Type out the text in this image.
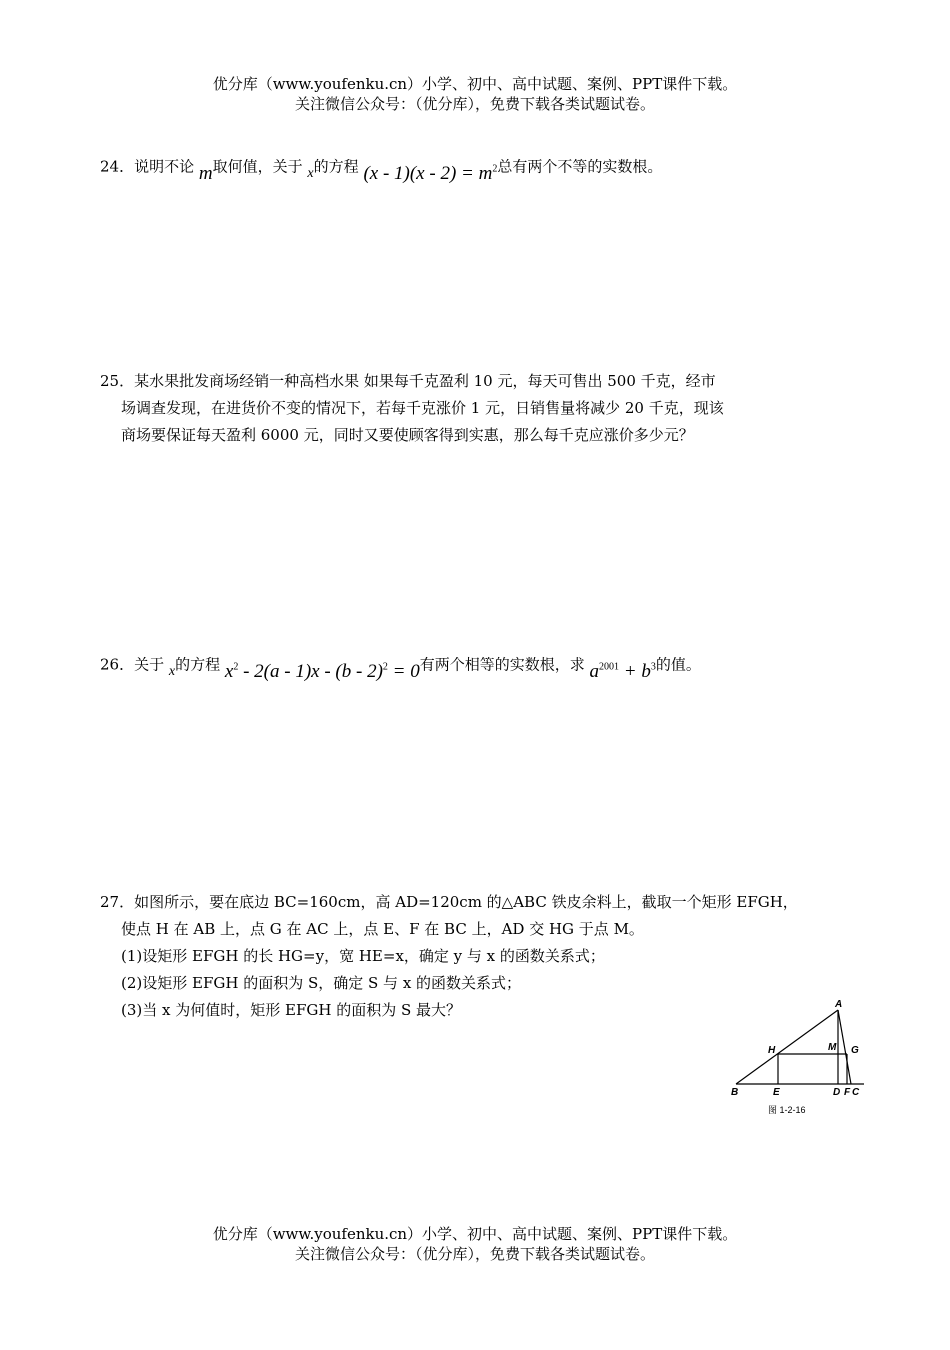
优分库（www.youfenku.cn）小学、初中、高中试题、案例、PPT课件下载。
关注微信公众号：（优分库），免费下载各类试题试卷。
24．说明不论 m取何值，关于 x的方程 $(x - 1)(x - 2) = m^2$总有两个不等的实数根。
25．某水果批发商场经销一种高档水果 如果每千克盈利 10 元，每天可售出 500 千克，经市
场调查发现，在进货价不变的情况下，若每千克涨价 1 元，日销售量将减少 20 千克，现该
商场要保证每天盈利 6000 元，同时又要使顾客得到实惠，那么每千克应涨价多少元？
26．关于 x的方程 $x^2 - 2(a - 1)x - (b - 2)^2 = 0$有两个相等的实数根，求 $a^{2001} + b^3$的值。
27．如图所示，要在底边 BC=160cm，高 AD=120cm 的△ABC 铁皮余料上，截取一个矩形 EFGH，
使点 H 在 AB 上，点 G 在 AC 上，点 E、F 在 BC 上，AD 交 HG 于点 M。
(1)设矩形 EFGH 的长 HG=y，宽 HE=x，确定 y 与 x 的函数关系式；
(2)设矩形 EFGH 的面积为 S，确定 S 与 x 的函数关系式；
(3)当 x 为何值时，矩形 EFGH 的面积为 S 最大？	A
B	E	D F C
H	M G
图 1-2-16
优分库（www.youfenku.cn）小学、初中、高中试题、案例、PPT课件下载。
关注微信公众号：（优分库），免费下载各类试题试卷。
